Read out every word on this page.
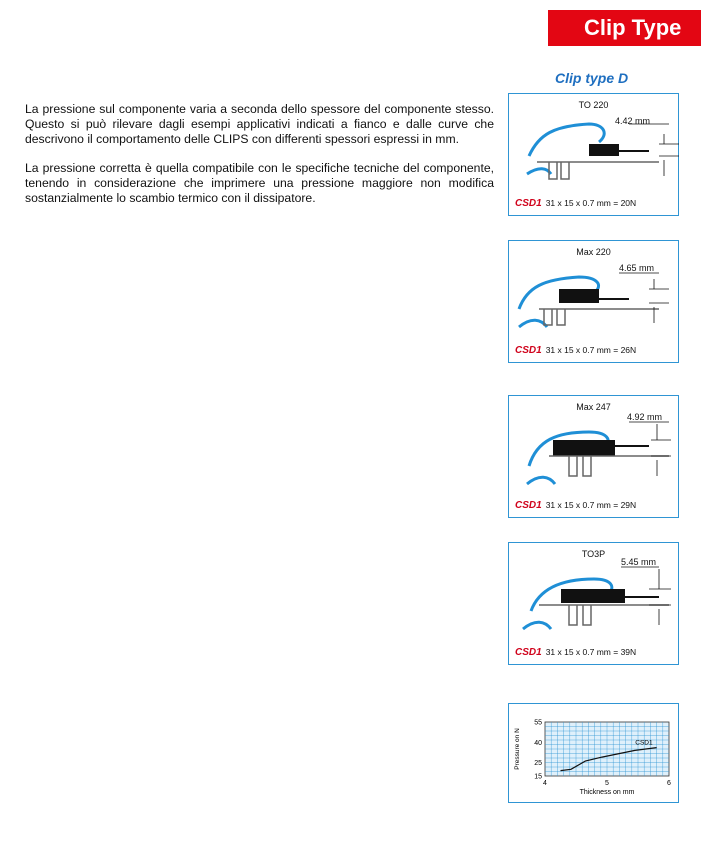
Clip Type
Clip type D

La pressione sul componente varia a seconda dello spessore del componente stesso. Questo si può rilevare dagli esempi applicativi indicati a fianco e dalle curve che descrivono il comportamento delle CLIPS con differenti spessori espressi in mm.

La pressione corretta è quella compatibile con le specifiche tecniche del componente, tenendo in considerazione che imprimere una pressione maggiore non modifica sostanzialmente lo scambio termico con il dissipatore.

TO 220
4.42 mm
CSD1 31 x 15 x 0.7 mm = 20N
Max 220
4.65 mm
CSD1 31 x 15 x 0.7 mm = 26N
Max 247
4.92 mm
CSD1 31 x 15 x 0.7 mm = 29N
TO3P
5.45 mm
CSD1 31 x 15 x 0.7 mm = 39N
4	5	6
15
25
40
55
Thickness on mm
Pressure on N	CSD1
